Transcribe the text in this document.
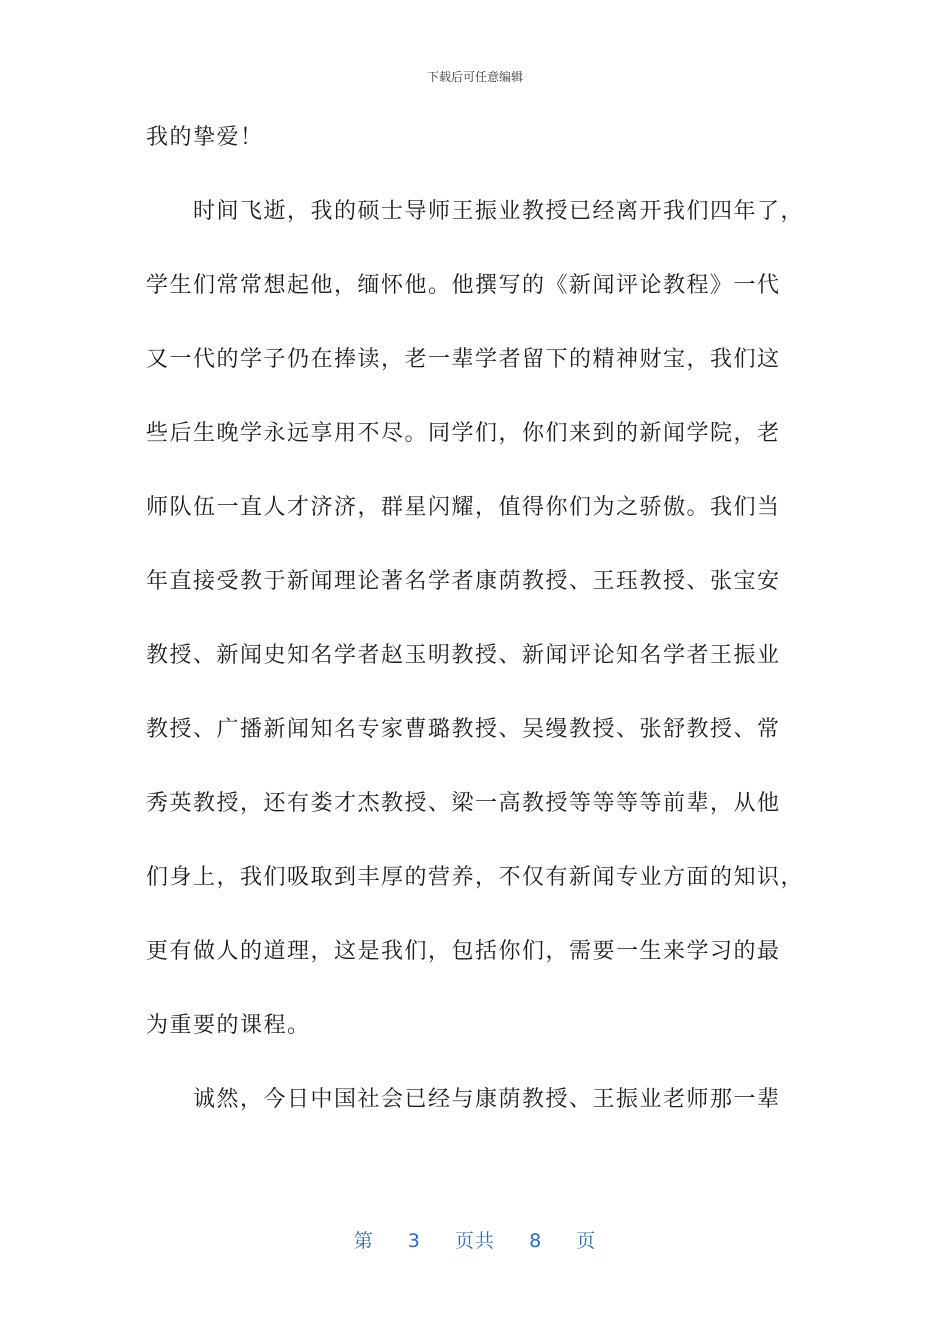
下载后可任意编辑
我的挚爱！
　　时间飞逝，我的硕士导师王振业教授已经离开我们四年了，
学生们常常想起他，缅怀他。他撰写的《新闻评论教程》一代
又一代的学子仍在捧读，老一辈学者留下的精神财宝，我们这
些后生晚学永远享用不尽。同学们，你们来到的新闻学院，老
师队伍一直人才济济，群星闪耀，值得你们为之骄傲。我们当
年直接受教于新闻理论著名学者康荫教授、王珏教授、张宝安
教授、新闻史知名学者赵玉明教授、新闻评论知名学者王振业
教授、广播新闻知名专家曹璐教授、吴缦教授、张舒教授、常
秀英教授，还有娄才杰教授、梁一高教授等等等等前辈，从他
们身上，我们吸取到丰厚的营养，不仅有新闻专业方面的知识，
更有做人的道理，这是我们，包括你们，需要一生来学习的最
为重要的课程。
　　诚然，今日中国社会已经与康荫教授、王振业老师那一辈
第 3 页共 8 页
